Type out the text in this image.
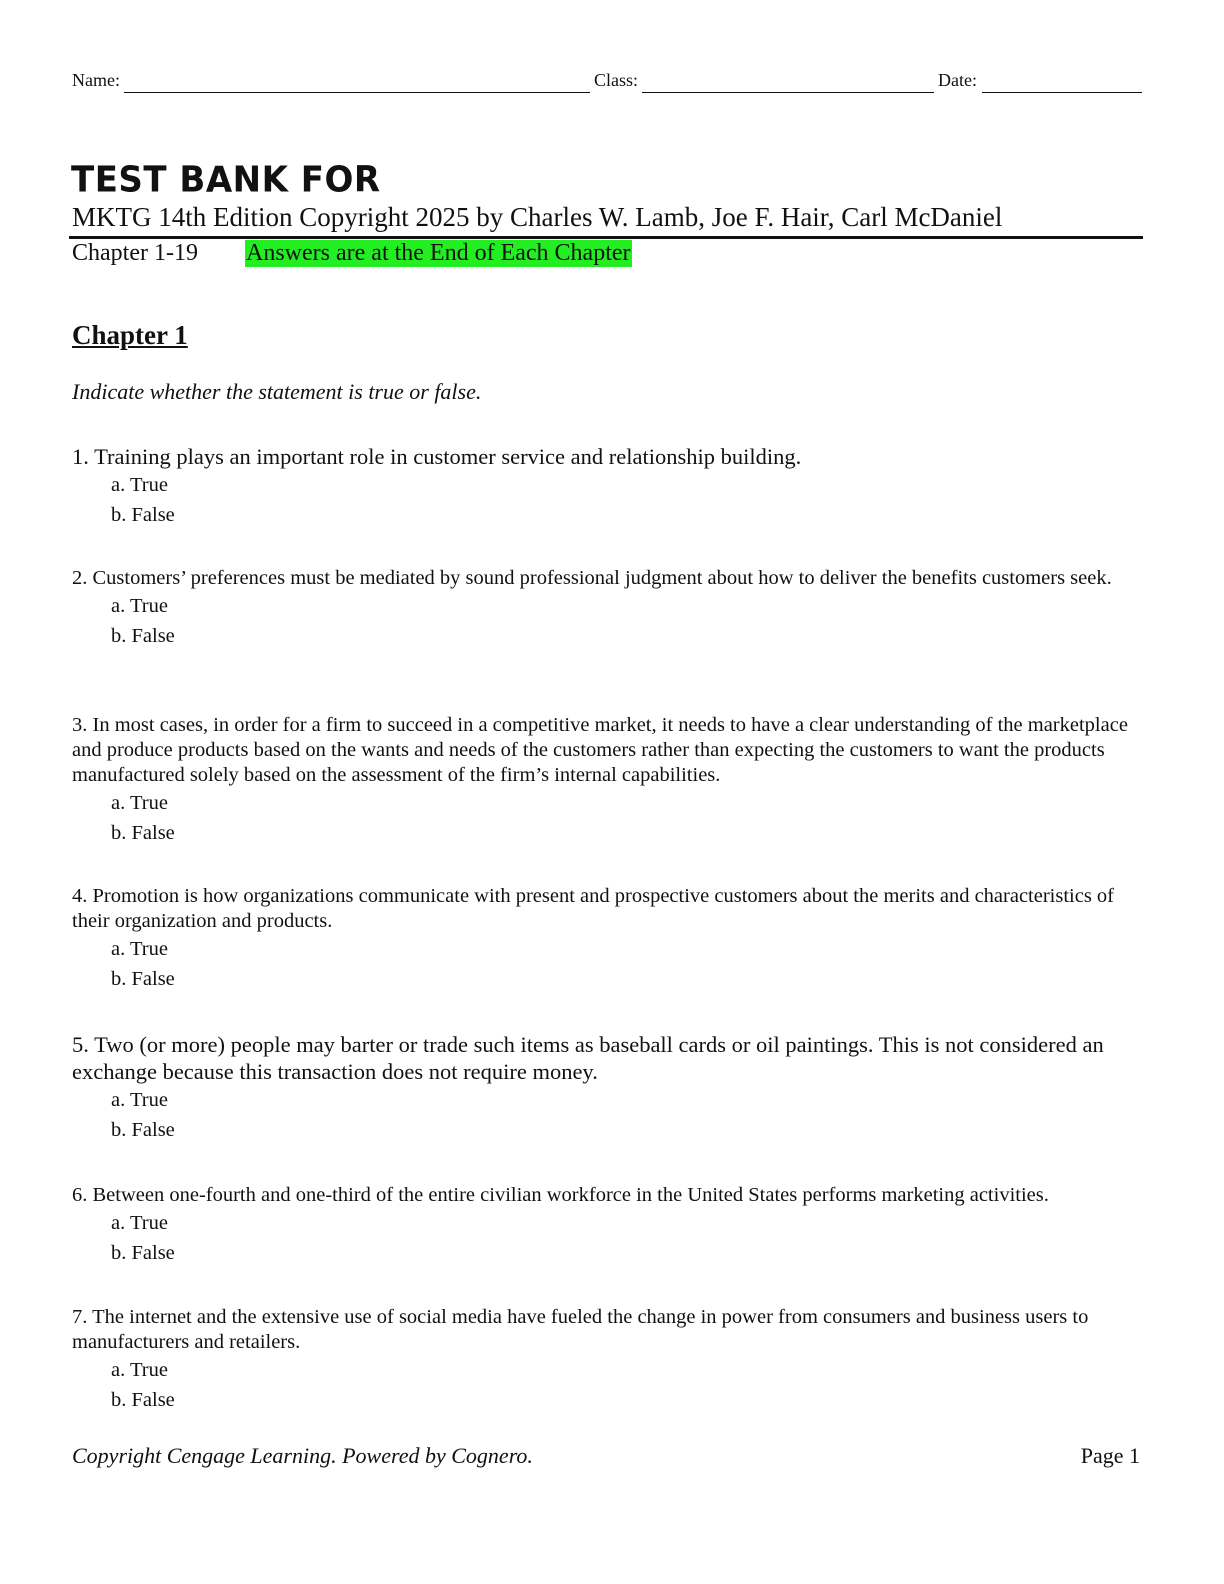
Name:	Class:	Date:
TEST BANK FOR
MKTG 14th Edition Copyright 2025 by Charles W. Lamb, Joe F. Hair, Carl McDaniel
Chapter 1-19 Answers are at the End of Each Chapter
Chapter 1
Indicate whether the statement is true or false.

1. Training plays an important role in customer service and relationship building.

a. True
b. False

2. Customers’ preferences must be mediated by sound professional judgment about how to deliver the benefits customers seek.

a. True
b. False

3. In most cases, in order for a firm to succeed in a competitive market, it needs to have a clear understanding of the marketplace and produce products based on the wants and needs of the customers rather than expecting the customers to want the products manufactured solely based on the assessment of the firm’s internal capabilities.

a. True
b. False

4. Promotion is how organizations communicate with present and prospective customers about the merits and characteristics of their organization and products.

a. True
b. False

5. Two (or more) people may barter or trade such items as baseball cards or oil paintings. This is not considered an exchange because this transaction does not require money.

a. True
b. False

6. Between one-fourth and one-third of the entire civilian workforce in the United States performs marketing activities.

a. True
b. False

7. The internet and the extensive use of social media have fueled the change in power from consumers and business users to manufacturers and retailers.

a. True
b. False
Copyright Cengage Learning. Powered by Cognero.	Page 1
